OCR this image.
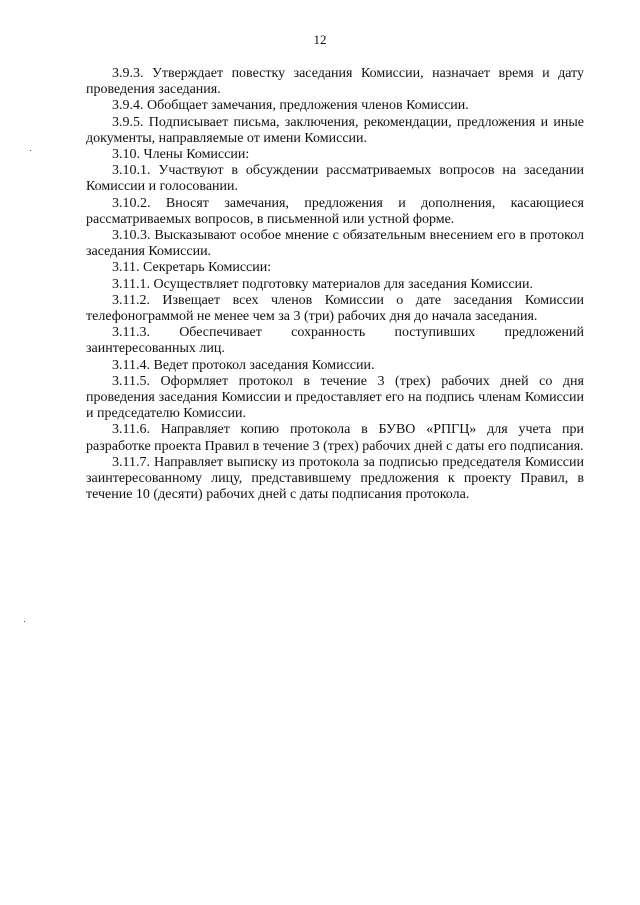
12

3.9.3. Утверждает повестку заседания Комиссии, назначает время и дату проведения заседания.

3.9.4. Обобщает замечания, предложения членов Комиссии.

3.9.5. Подписывает письма, заключения, рекомендации, предложения и иные документы, направляемые от имени Комиссии.

3.10. Члены Комиссии:

3.10.1. Участвуют в обсуждении рассматриваемых вопросов на заседании Комиссии и голосовании.

3.10.2. Вносят замечания, предложения и дополнения, касающиеся рассматриваемых вопросов, в письменной или устной форме.

3.10.3. Высказывают особое мнение с обязательным внесением его в протокол заседания Комиссии.

3.11. Секретарь Комиссии:

3.11.1. Осуществляет подготовку материалов для заседания Комиссии.

3.11.2. Извещает всех членов Комиссии о дате заседания Комиссии телефонограммой не менее чем за 3 (три) рабочих дня до начала заседания.

3.11.3. Обеспечивает сохранность поступивших предложений заинтересованных лиц.

3.11.4. Ведет протокол заседания Комиссии.

3.11.5. Оформляет протокол в течение 3 (трех) рабочих дней со дня проведения заседания Комиссии и предоставляет его на подпись членам Комиссии и председателю Комиссии.

3.11.6. Направляет копию протокола в БУВО «РПГЦ» для учета при разработке проекта Правил в течение 3 (трех) рабочих дней с даты его подписания.

3.11.7. Направляет выписку из протокола за подписью председателя Комиссии заинтересованному лицу, представившему предложения к проекту Правил, в течение 10 (десяти) рабочих дней с даты подписания протокола.
